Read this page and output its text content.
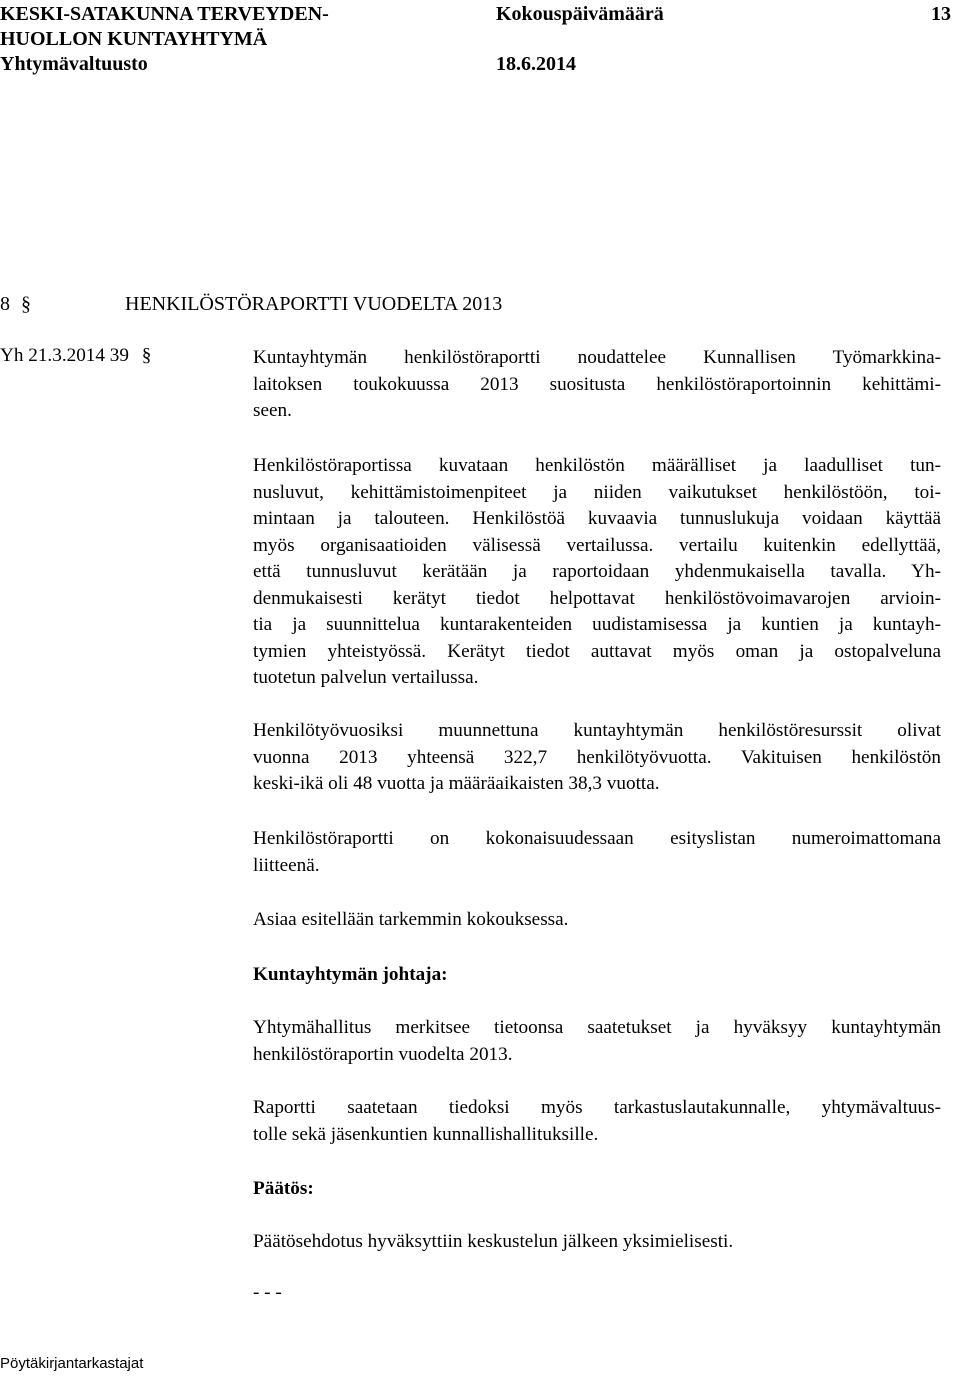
KESKI-SATAKUNNA TERVEYDEN-
HUOLLON KUNTAYHTYMÄ
Yhtymävaltuusto
Kokouspäivämäärä
18.6.2014
13
8 §	HENKILÖSTÖRAPORTTI VUODELTA 2013
Yh 21.3.2014 39 §	Kuntayhtymän henkilöstöraportti noudattelee Kunnallisen Työmarkkina-
laitoksen toukokuussa 2013 suositusta henkilöstöraportoinnin kehittämi-
seen.
Henkilöstöraportissa kuvataan henkilöstön määrälliset ja laadulliset tun-
nusluvut, kehittämistoimenpiteet ja niiden vaikutukset henkilöstöön, toi-
mintaan ja talouteen. Henkilöstöä kuvaavia tunnuslukuja voidaan käyttää
myös organisaatioiden välisessä vertailussa. vertailu kuitenkin edellyttää,
että tunnusluvut kerätään ja raportoidaan yhdenmukaisella tavalla. Yh-
denmukaisesti kerätyt tiedot helpottavat henkilöstövoimavarojen arvioin-
tia ja suunnittelua kuntarakenteiden uudistamisessa ja kuntien ja kuntayh-
tymien yhteistyössä. Kerätyt tiedot auttavat myös oman ja ostopalveluna
tuotetun palvelun vertailussa.
Henkilötyövuosiksi muunnettuna kuntayhtymän henkilöstöresurssit olivat
vuonna 2013 yhteensä 322,7 henkilötyövuotta. Vakituisen henkilöstön
keski-ikä oli 48 vuotta ja määräaikaisten 38,3 vuotta.
Henkilöstöraportti on kokonaisuudessaan esityslistan numeroimattomana
liitteenä.
Asiaa esitellään tarkemmin kokouksessa.
Kuntayhtymän johtaja:
Yhtymähallitus merkitsee tietoonsa saatetukset ja hyväksyy kuntayhtymän
henkilöstöraportin vuodelta 2013.
Raportti saatetaan tiedoksi myös tarkastuslautakunnalle, yhtymävaltuus-
tolle sekä jäsenkuntien kunnallishallituksille.
Päätös:
Päätösehdotus hyväksyttiin keskustelun jälkeen yksimielisesti.
- - -
Pöytäkirjantarkastajat
